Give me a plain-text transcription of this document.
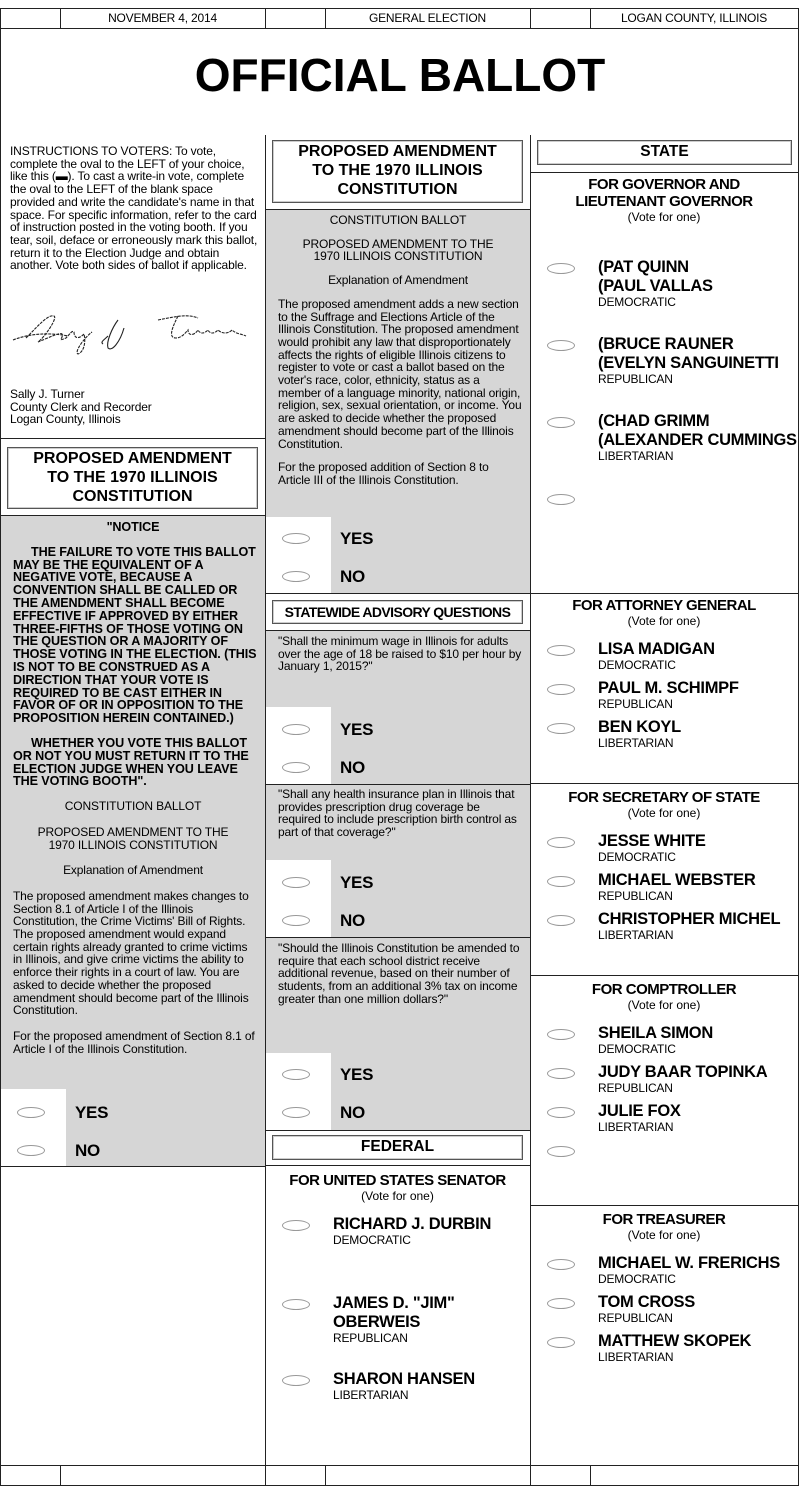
NOVEMBER 4, 2014	GENERAL ELECTION	LOGAN COUNTY, ILLINOIS
OFFICIAL BALLOT
INSTRUCTIONS TO VOTERS: To vote, complete the oval to the LEFT of your choice, like this (▬). To cast a write-in vote, complete the oval to the LEFT of the blank space provided and write the candidate's name in that space. For specific information, refer to the card of instruction posted in the voting booth. If you tear, soil, deface or erroneously mark this ballot, return it to the Election Judge and obtain another. Vote both sides of ballot if applicable.
Sally J. Turner
County Clerk and Recorder
Logan County, Illinois
PROPOSED AMENDMENT
TO THE 1970 ILLINOIS
CONSTITUTION
"NOTICE
THE FAILURE TO VOTE THIS BALLOT MAY BE THE EQUIVALENT OF A NEGATIVE VOTE, BECAUSE A CONVENTION SHALL BE CALLED OR THE AMENDMENT SHALL BECOME EFFECTIVE IF APPROVED BY EITHER THREE-FIFTHS OF THOSE VOTING ON THE QUESTION OR A MAJORITY OF THOSE VOTING IN THE ELECTION. (THIS IS NOT TO BE CONSTRUED AS A DIRECTION THAT YOUR VOTE IS REQUIRED TO BE CAST EITHER IN FAVOR OF OR IN OPPOSITION TO THE PROPOSITION HEREIN CONTAINED.)
WHETHER YOU VOTE THIS BALLOT OR NOT YOU MUST RETURN IT TO THE ELECTION JUDGE WHEN YOU LEAVE THE VOTING BOOTH".
CONSTITUTION BALLOT
PROPOSED AMENDMENT TO THE 1970 ILLINOIS CONSTITUTION
Explanation of Amendment
The proposed amendment makes changes to Section 8.1 of Article I of the Illinois Constitution, the Crime Victims' Bill of Rights. The proposed amendment would expand certain rights already granted to crime victims in Illinois, and give crime victims the ability to enforce their rights in a court of law. You are asked to decide whether the proposed amendment should become part of the Illinois Constitution.
For the proposed amendment of Section 8.1 of Article I of the Illinois Constitution.
YES
NO
PROPOSED AMENDMENT
TO THE 1970 ILLINOIS
CONSTITUTION
CONSTITUTION BALLOT
PROPOSED AMENDMENT TO THE 1970 ILLINOIS CONSTITUTION
Explanation of Amendment
The proposed amendment adds a new section to the Suffrage and Elections Article of the Illinois Constitution. The proposed amendment would prohibit any law that disproportionately affects the rights of eligible Illinois citizens to register to vote or cast a ballot based on the voter's race, color, ethnicity, status as a member of a language minority, national origin, religion, sex, sexual orientation, or income. You are asked to decide whether the proposed amendment should become part of the Illinois Constitution.
For the proposed addition of Section 8 to Article III of the Illinois Constitution.
YES
NO
STATEWIDE ADVISORY QUESTIONS
"Shall the minimum wage in Illinois for adults over the age of 18 be raised to $10 per hour by January 1, 2015?"
YES
NO
"Shall any health insurance plan in Illinois that provides prescription drug coverage be required to include prescription birth control as part of that coverage?"
YES
NO
"Should the Illinois Constitution be amended to require that each school district receive additional revenue, based on their number of students, from an additional 3% tax on income greater than one million dollars?"
YES
NO
FEDERAL
FOR UNITED STATES SENATOR
(Vote for one)
RICHARD J. DURBIN
DEMOCRATIC
JAMES D. "JIM"
OBERWEIS
REPUBLICAN
SHARON HANSEN
LIBERTARIAN
STATE
FOR GOVERNOR AND
LIEUTENANT GOVERNOR
(Vote for one)
(PAT QUINN
(PAUL VALLAS
DEMOCRATIC
(BRUCE RAUNER
(EVELYN SANGUINETTI
REPUBLICAN
(CHAD GRIMM
(ALEXANDER CUMMINGS
LIBERTARIAN
FOR ATTORNEY GENERAL
(Vote for one)
LISA MADIGAN
DEMOCRATIC
PAUL M. SCHIMPF
REPUBLICAN
BEN KOYL
LIBERTARIAN
FOR SECRETARY OF STATE
(Vote for one)
JESSE WHITE
DEMOCRATIC
MICHAEL WEBSTER
REPUBLICAN
CHRISTOPHER MICHEL
LIBERTARIAN
FOR COMPTROLLER
(Vote for one)
SHEILA SIMON
DEMOCRATIC
JUDY BAAR TOPINKA
REPUBLICAN
JULIE FOX
LIBERTARIAN
FOR TREASURER
(Vote for one)
MICHAEL W. FRERICHS
DEMOCRATIC
TOM CROSS
REPUBLICAN
MATTHEW SKOPEK
LIBERTARIAN
